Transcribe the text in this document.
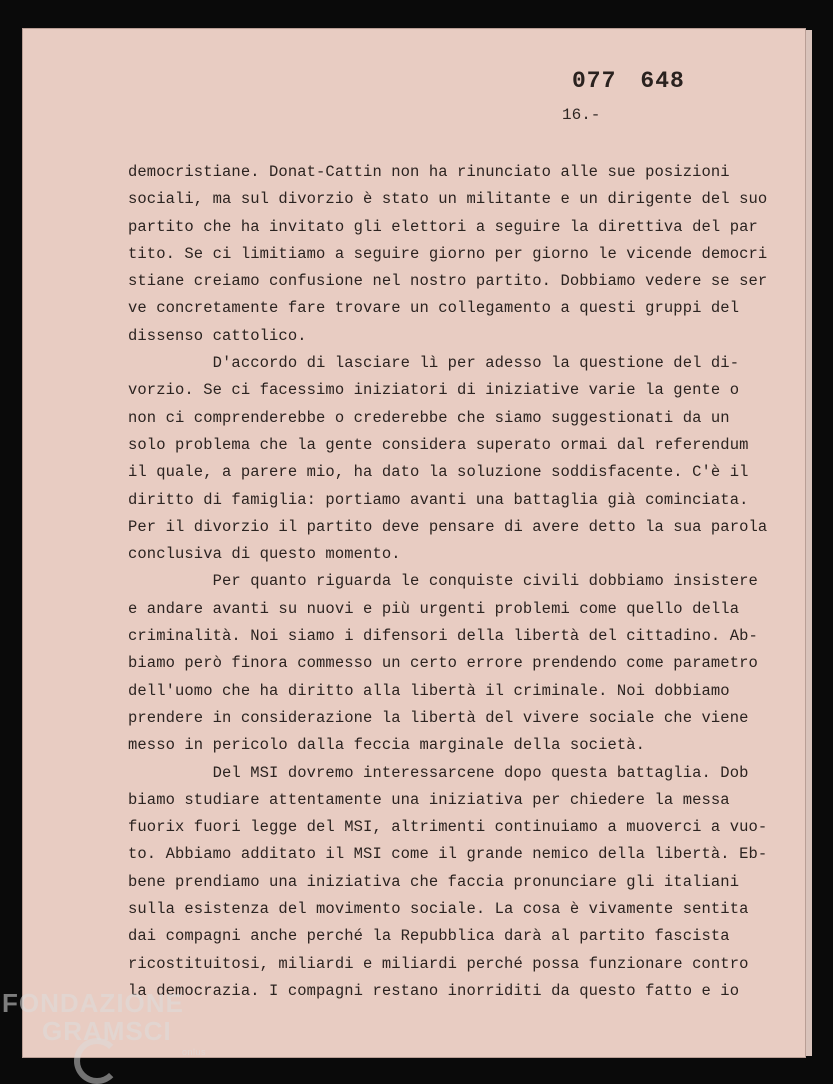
077 648
16.-
democristiane. Donat-Cattin non ha rinunciato alle sue posizioni
sociali, ma sul divorzio è stato un militante e un dirigente del suo
partito che ha invitato gli elettori a seguire la direttiva del par
tito. Se ci limitiamo a seguire giorno per giorno le vicende democri
stiane creiamo confusione nel nostro partito. Dobbiamo vedere se ser
ve concretamente fare trovare un collegamento a questi gruppi del
dissenso cattolico.
D'accordo di lasciare lì per adesso la questione del di-
vorzio. Se ci facessimo iniziatori di iniziative varie la gente o
non ci comprenderebbe o crederebbe che siamo suggestionati da un
solo problema che la gente considera superato ormai dal referendum
il quale, a parere mio, ha dato la soluzione soddisfacente. C'è il
diritto di famiglia: portiamo avanti una battaglia già cominciata.
Per il divorzio il partito deve pensare di avere detto la sua parola
conclusiva di questo momento.
Per quanto riguarda le conquiste civili dobbiamo insistere
e andare avanti su nuovi e più urgenti problemi come quello della
criminalità. Noi siamo i difensori della libertà del cittadino. Ab-
biamo però finora commesso un certo errore prendendo come parametro
dell'uomo che ha diritto alla libertà il criminale. Noi dobbiamo
prendere in considerazione la libertà del vivere sociale che viene
messo in pericolo dalla feccia marginale della società.
Del MSI dovremo interessarcene dopo questa battaglia. Dob
biamo studiare attentamente una iniziativa per chiedere la messa
fuorix fuori legge del MSI, altrimenti continuiamo a muoverci a vuo-
to. Abbiamo additato il MSI come il grande nemico della libertà. Eb-
bene prendiamo una iniziativa che faccia pronunciare gli italiani
sulla esistenza del movimento sociale. La cosa è vivamente sentita
dai compagni anche perché la Repubblica darà al partito fascista
ricostituitosi, miliardi e miliardi perché possa funzionare contro
la democrazia. I compagni restano inorriditi da questo fatto e io
FONDAZIONE
GRAMSCI
onlus
